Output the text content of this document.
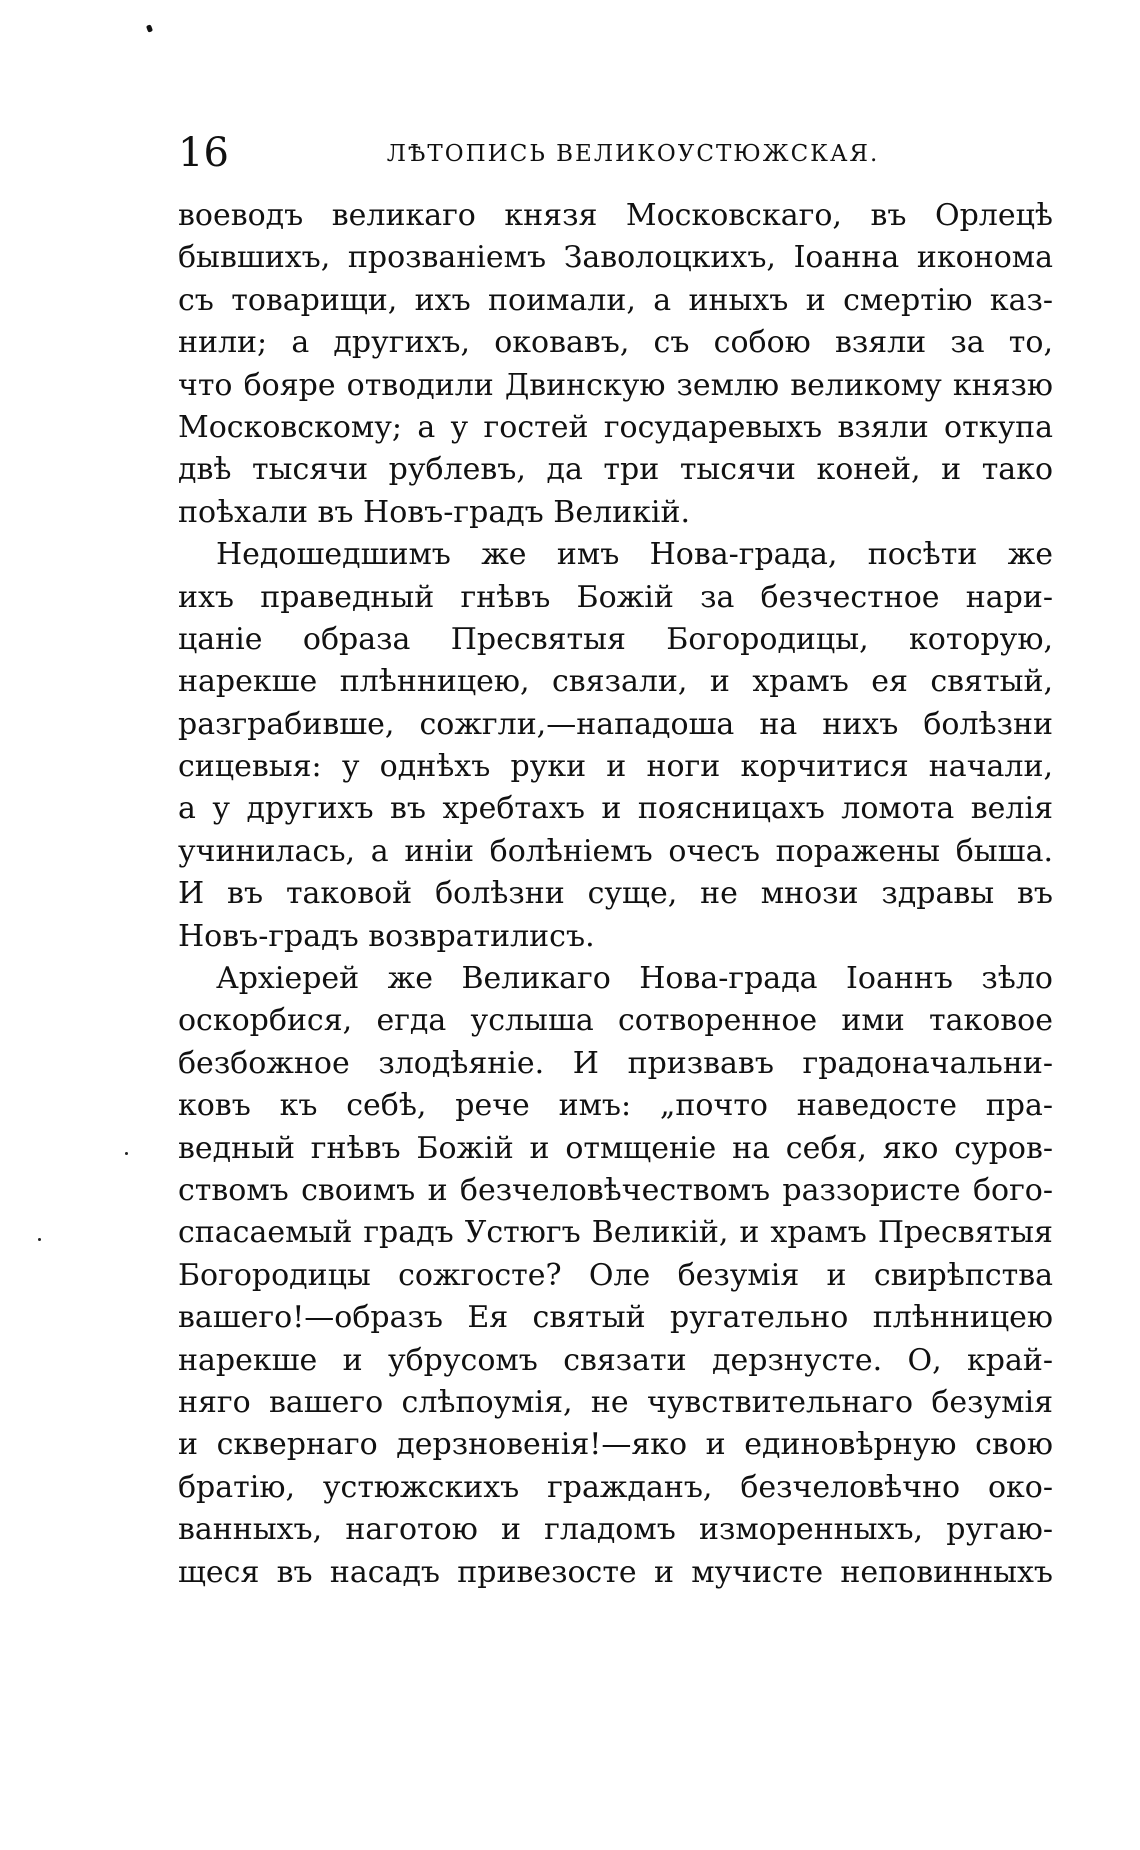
16	ЛѢТОПИСЬ ВЕЛИКОУСТЮЖСКАЯ.
воеводъ великаго князя Московскаго, въ Орлецѣ
бывшихъ, прозваніемъ Заволоцкихъ, Іоанна иконома
съ товарищи, ихъ поимали, а иныхъ и смертію каз-
нили; а другихъ, оковавъ, съ собою взяли за то,
что бояре отводили Двинскую землю великому князю
Московскому; а у гостей государевыхъ взяли откупа
двѣ тысячи рублевъ, да три тысячи коней, и тако
поѣхали въ Новъ-градъ Великій.
Недошедшимъ же имъ Нова-града, посѣти же
ихъ праведный гнѣвъ Божій за безчестное нари-
цаніе образа Пресвятыя Богородицы, которую,
нарекше плѣнницею, связали, и храмъ ея святый,
разграбивше, сожгли,—нападоша на нихъ болѣзни
сицевыя: у однѣхъ руки и ноги корчитися начали,
а у другихъ въ хребтахъ и поясницахъ ломота велія
учинилась, а иніи болѣніемъ очесъ поражены быша.
И въ таковой болѣзни суще, не мнози здравы въ
Новъ-градъ возвратилисъ.
Архіерей же Великаго Нова-града Іоаннъ зѣло
оскорбися, егда услыша сотворенное ими таковое
безбожное злодѣяніе. И призвавъ градоначальни-
ковъ къ себѣ, рече имъ: „почто наведосте пра-
ведный гнѣвъ Божій и отмщеніе на себя, яко суров-
ствомъ своимъ и безчеловѣчествомъ раззористе бого-
спасаемый градъ Устюгъ Великій, и храмъ Пресвятыя
Богородицы сожгосте? Оле безумія и свирѣпства
вашего!—образъ Ея святый ругательно плѣнницею
нарекше и убрусомъ связати дерзнусте. О, край-
няго вашего слѣпоумія, не чувствительнаго безумія
и сквернаго дерзновенія!—яко и единовѣрную свою
братію, устюжскихъ гражданъ, безчеловѣчно око-
ванныхъ, наготою и гладомъ изморенныхъ, ругаю-
щеся въ насадъ привезосте и мучисте неповинныхъ
